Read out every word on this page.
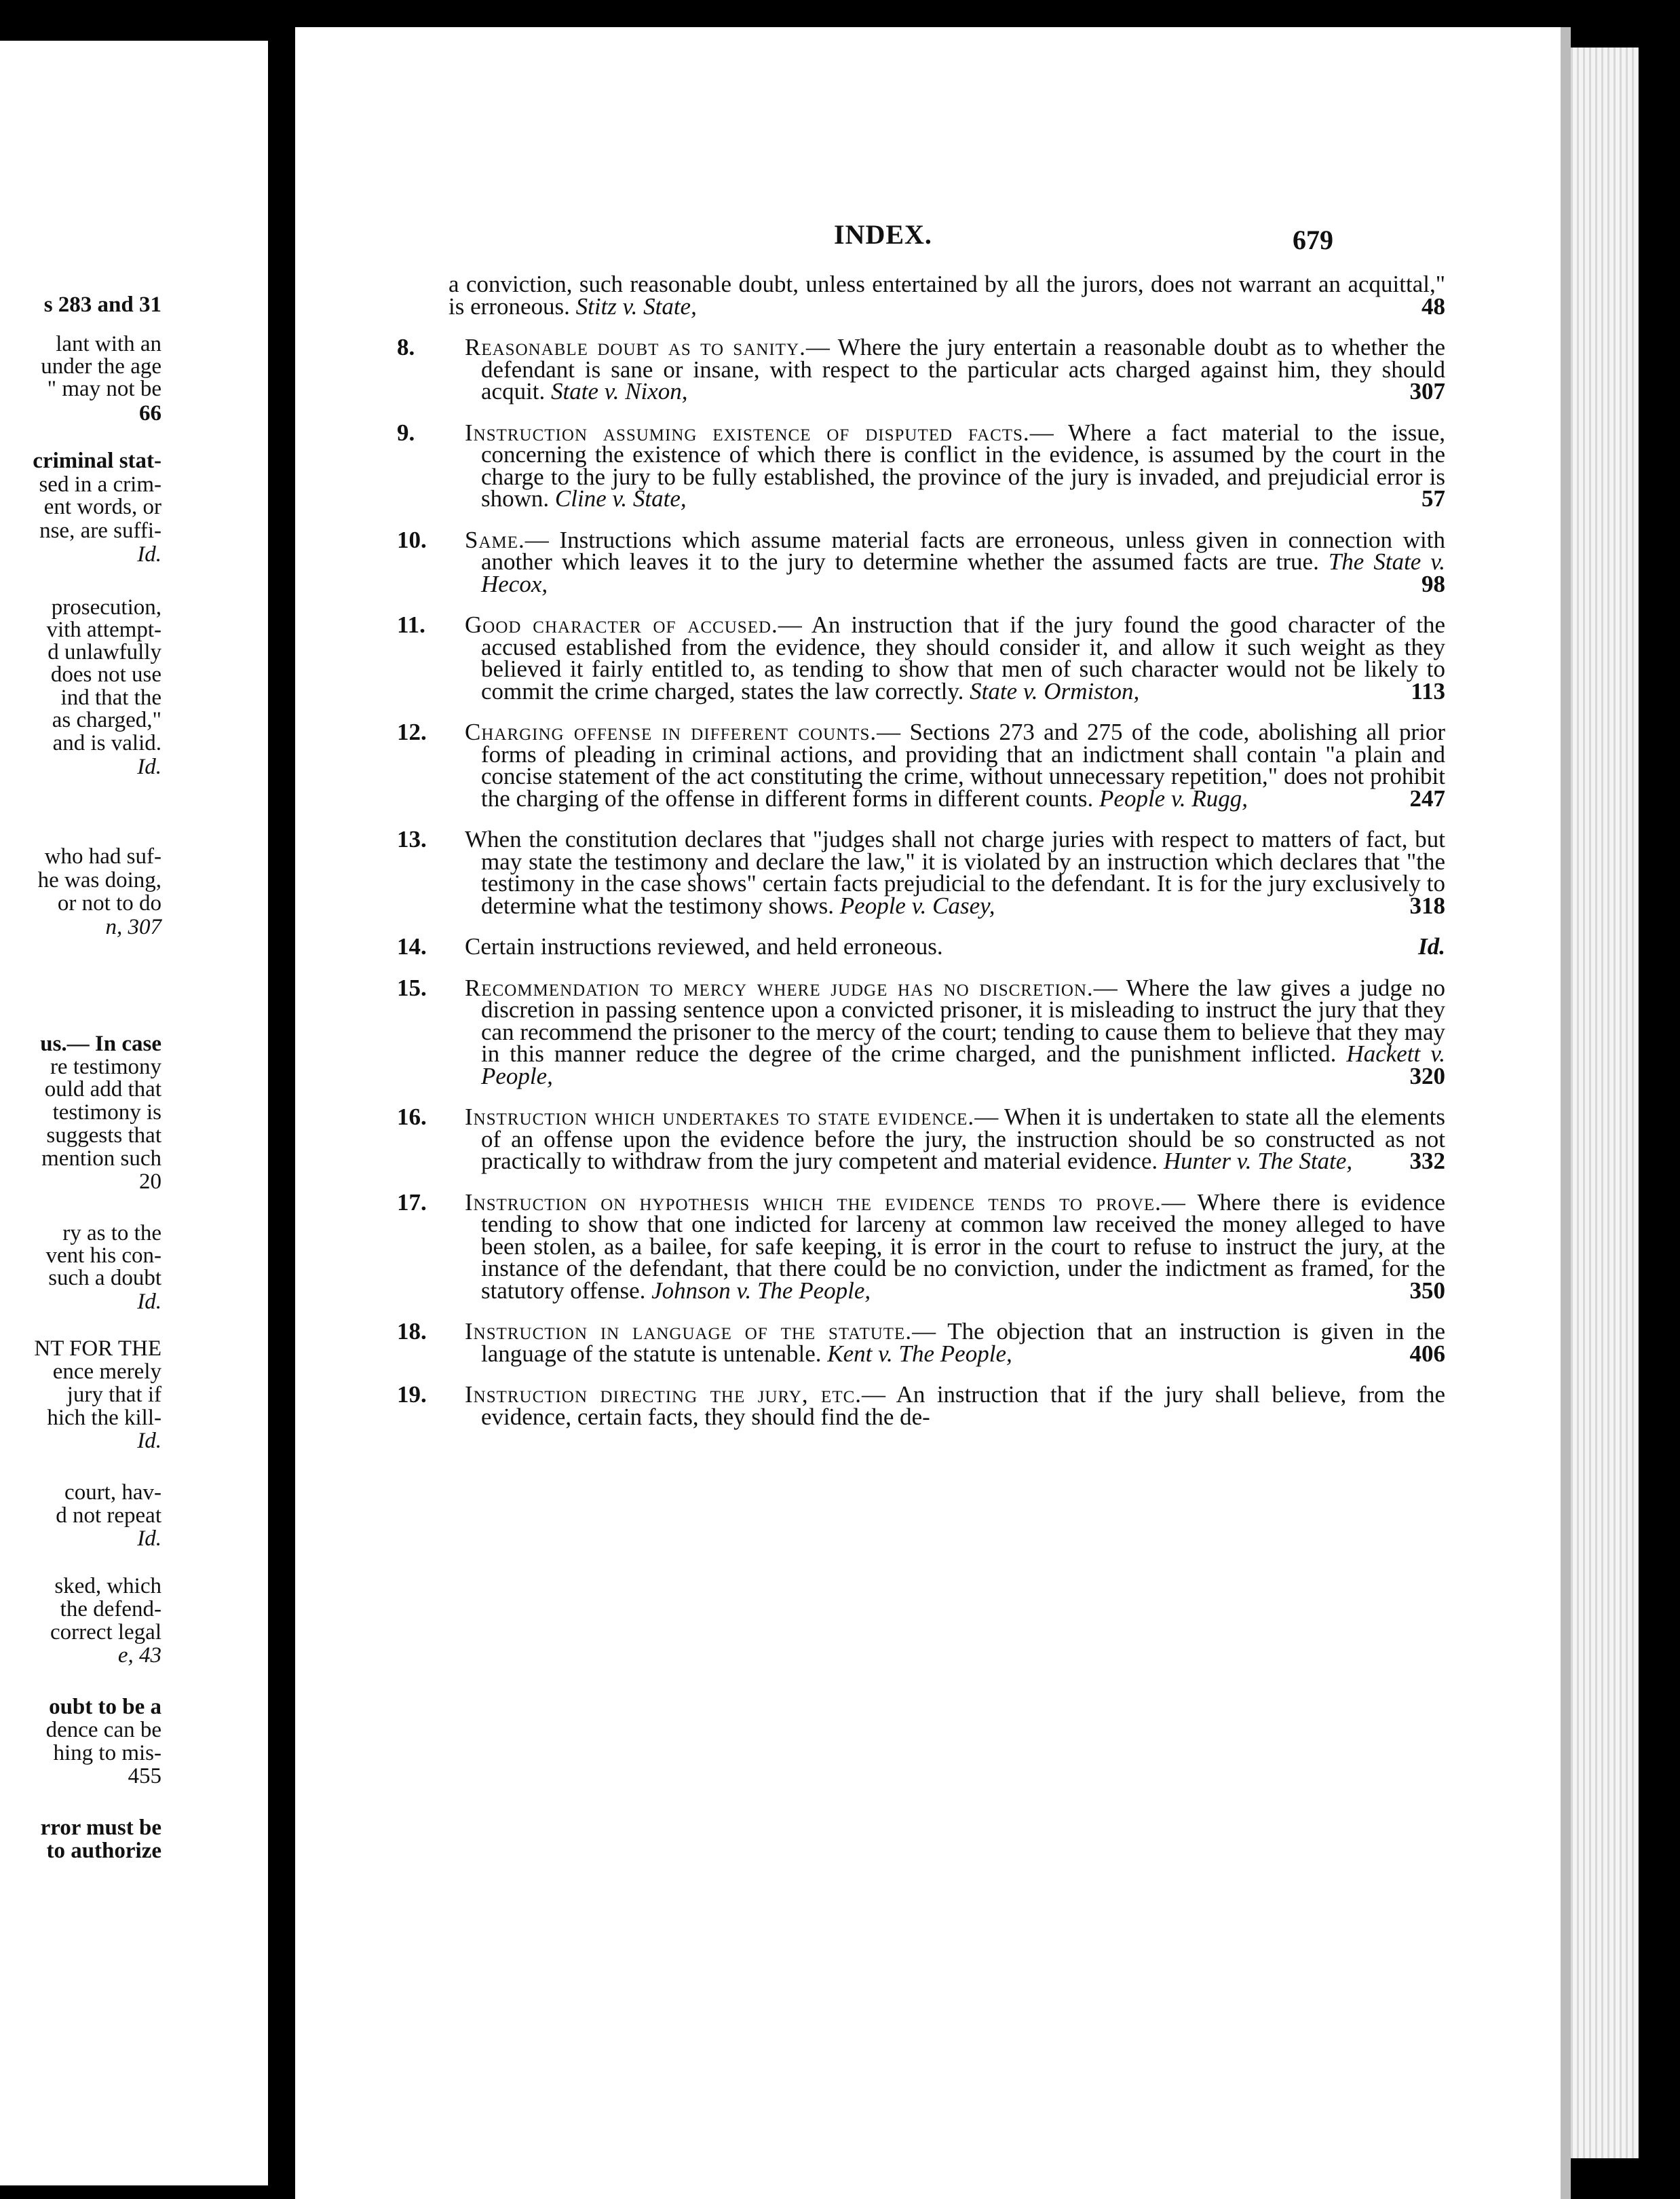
s 283 and 31
lant with an
under the age
" may not be
66
criminal stat-
sed in a crim-
ent words, or
nse, are suffi-
Id.
prosecution,
vith attempt-
d unlawfully
does not use
ind that the
as charged,"
and is valid.
Id.
who had suf-
he was doing,
or not to do
n, 307
us.— In case
re testimony
ould add that
testimony is
suggests that
mention such
20
ry as to the
vent his con-
such a doubt
Id.
NT FOR THE
ence merely
jury that if
hich the kill-
Id.
court, hav-
d not repeat
Id.
sked, which
the defend-
correct legal
e, 43
oubt to be a
dence can be
hing to mis-
455
rror must be
to authorize
INDEX.	679

a conviction, such reasonable doubt, unless entertained by all the jurors, does not warrant an acquittal," is erroneous. Stitz v. State,	48

8. Reasonable doubt as to sanity.— Where the jury entertain a reasonable doubt as to whether the defendant is sane or insane, with respect to the particular acts charged against him, they should acquit. State v. Nixon,	307

9. Instruction assuming existence of disputed facts.— Where a fact material to the issue, concerning the existence of which there is conflict in the evidence, is assumed by the court in the charge to the jury to be fully established, the province of the jury is invaded, and prejudicial error is shown. Cline v. State,	57

10. Same.— Instructions which assume material facts are erroneous, unless given in connection with another which leaves it to the jury to determine whether the assumed facts are true. The State v. Hecox,	98

11. Good character of accused.— An instruction that if the jury found the good character of the accused established from the evidence, they should consider it, and allow it such weight as they believed it fairly entitled to, as tending to show that men of such character would not be likely to commit the crime charged, states the law correctly. State v. Ormiston,	113

12. Charging offense in different counts.— Sections 273 and 275 of the code, abolishing all prior forms of pleading in criminal actions, and providing that an indictment shall contain "a plain and concise statement of the act constituting the crime, without unnecessary repetition," does not prohibit the charging of the offense in different forms in different counts. People v. Rugg,	247

13. When the constitution declares that "judges shall not charge juries with respect to matters of fact, but may state the testimony and declare the law," it is violated by an instruction which declares that "the testimony in the case shows" certain facts prejudicial to the defendant. It is for the jury exclusively to determine what the testimony shows. People v. Casey,	318

14. Certain instructions reviewed, and held erroneous.	Id.

15. Recommendation to mercy where judge has no discretion.— Where the law gives a judge no discretion in passing sentence upon a convicted prisoner, it is misleading to instruct the jury that they can recommend the prisoner to the mercy of the court; tending to cause them to believe that they may in this manner reduce the degree of the crime charged, and the punishment inflicted. Hackett v. People,	320

16. Instruction which undertakes to state evidence.— When it is undertaken to state all the elements of an offense upon the evidence before the jury, the instruction should be so constructed as not practically to withdraw from the jury competent and material evidence. Hunter v. The State, 332

17. Instruction on hypothesis which the evidence tends to prove.— Where there is evidence tending to show that one indicted for larceny at common law received the money alleged to have been stolen, as a bailee, for safe keeping, it is error in the court to refuse to instruct the jury, at the instance of the defendant, that there could be no conviction, under the indictment as framed, for the statutory offense. Johnson v. The People,	350

18. Instruction in language of the statute.— The objection that an instruction is given in the language of the statute is untenable. Kent v. The People,	406

19. Instruction directing the jury, etc.— An instruction that if the jury shall believe, from the evidence, certain facts, they should find the de-
